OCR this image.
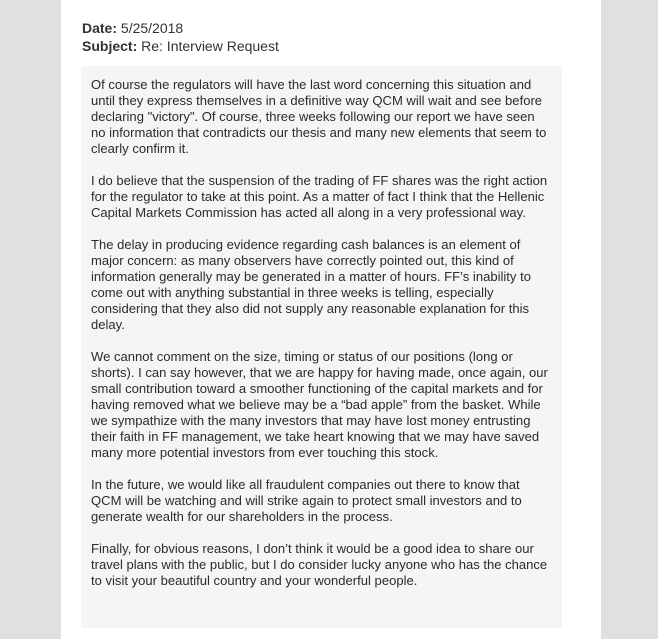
Date: 5/25/2018
Subject: Re: Interview Request

Of course the regulators will have the last word concerning this situation and until they express themselves in a definitive way QCM will wait and see before declaring "victory". Of course, three weeks following our report we have seen no information that contradicts our thesis and many new elements that seem to clearly confirm it.

I do believe that the suspension of the trading of FF shares was the right action for the regulator to take at this point. As a matter of fact I think that the Hellenic Capital Markets Commission has acted all along in a very professional way.

The delay in producing evidence regarding cash balances is an element of major concern: as many observers have correctly pointed out, this kind of information generally may be generated in a matter of hours. FF’s inability to come out with anything substantial in three weeks is telling, especially considering that they also did not supply any reasonable explanation for this delay.

We cannot comment on the size, timing or status of our positions (long or shorts). I can say however, that we are happy for having made, once again, our small contribution toward a smoother functioning of the capital markets and for having removed what we believe may be a “bad apple” from the basket. While we sympathize with the many investors that may have lost money entrusting their faith in FF management, we take heart knowing that we may have saved many more potential investors from ever touching this stock.

In the future, we would like all fraudulent companies out there to know that QCM will be watching and will strike again to protect small investors and to generate wealth for our shareholders in the process.

Finally, for obvious reasons, I don’t think it would be a good idea to share our travel plans with the public, but I do consider lucky anyone who has the chance to visit your beautiful country and your wonderful people.
